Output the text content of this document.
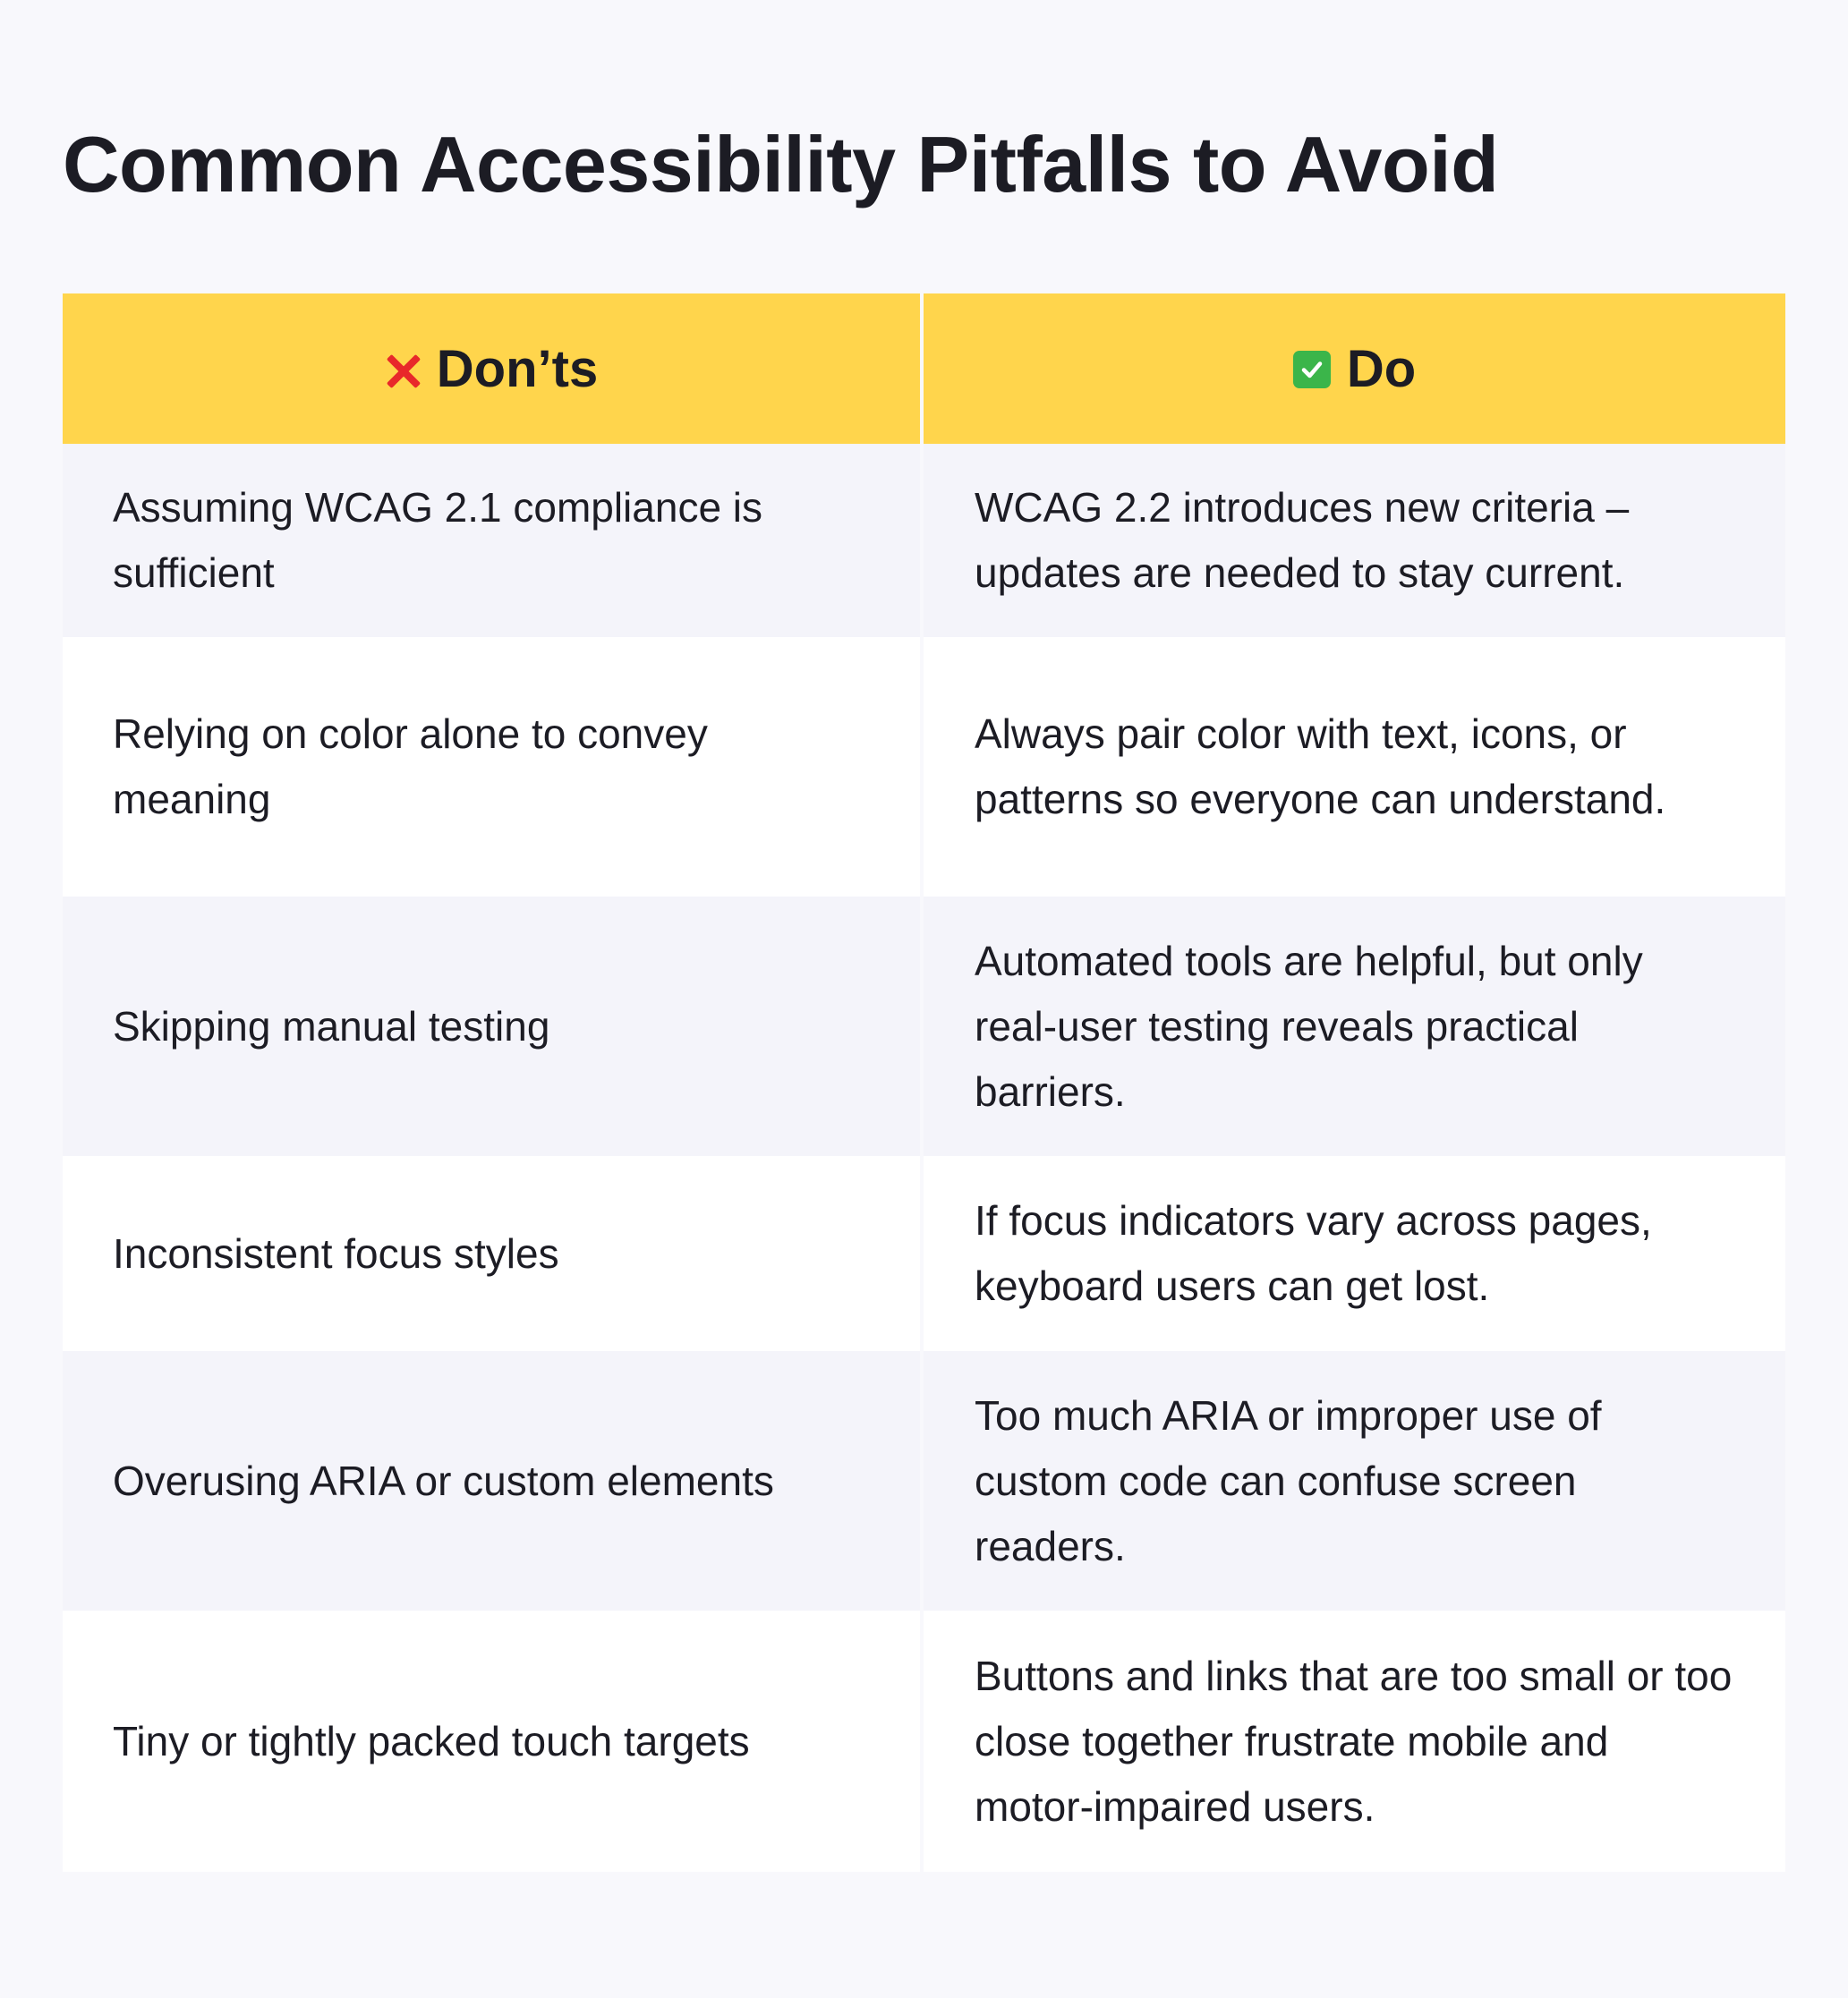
Common Accessibility Pitfalls to Avoid
Don’ts	Do
Assuming WCAG 2.1 compliance is sufficient
WCAG 2.2 introduces new criteria – updates are needed to stay current.
Relying on color alone to convey meaning
Always pair color with text, icons, or patterns so everyone can understand.
Skipping manual testing
Automated tools are helpful, but only real-user testing reveals practical barriers.
Inconsistent focus styles
If focus indicators vary across pages, keyboard users can get lost.
Overusing ARIA or custom elements
Too much ARIA or improper use of custom code can confuse screen readers.
Tiny or tightly packed touch targets
Buttons and links that are too small or too close together frustrate mobile and motor-impaired users.
